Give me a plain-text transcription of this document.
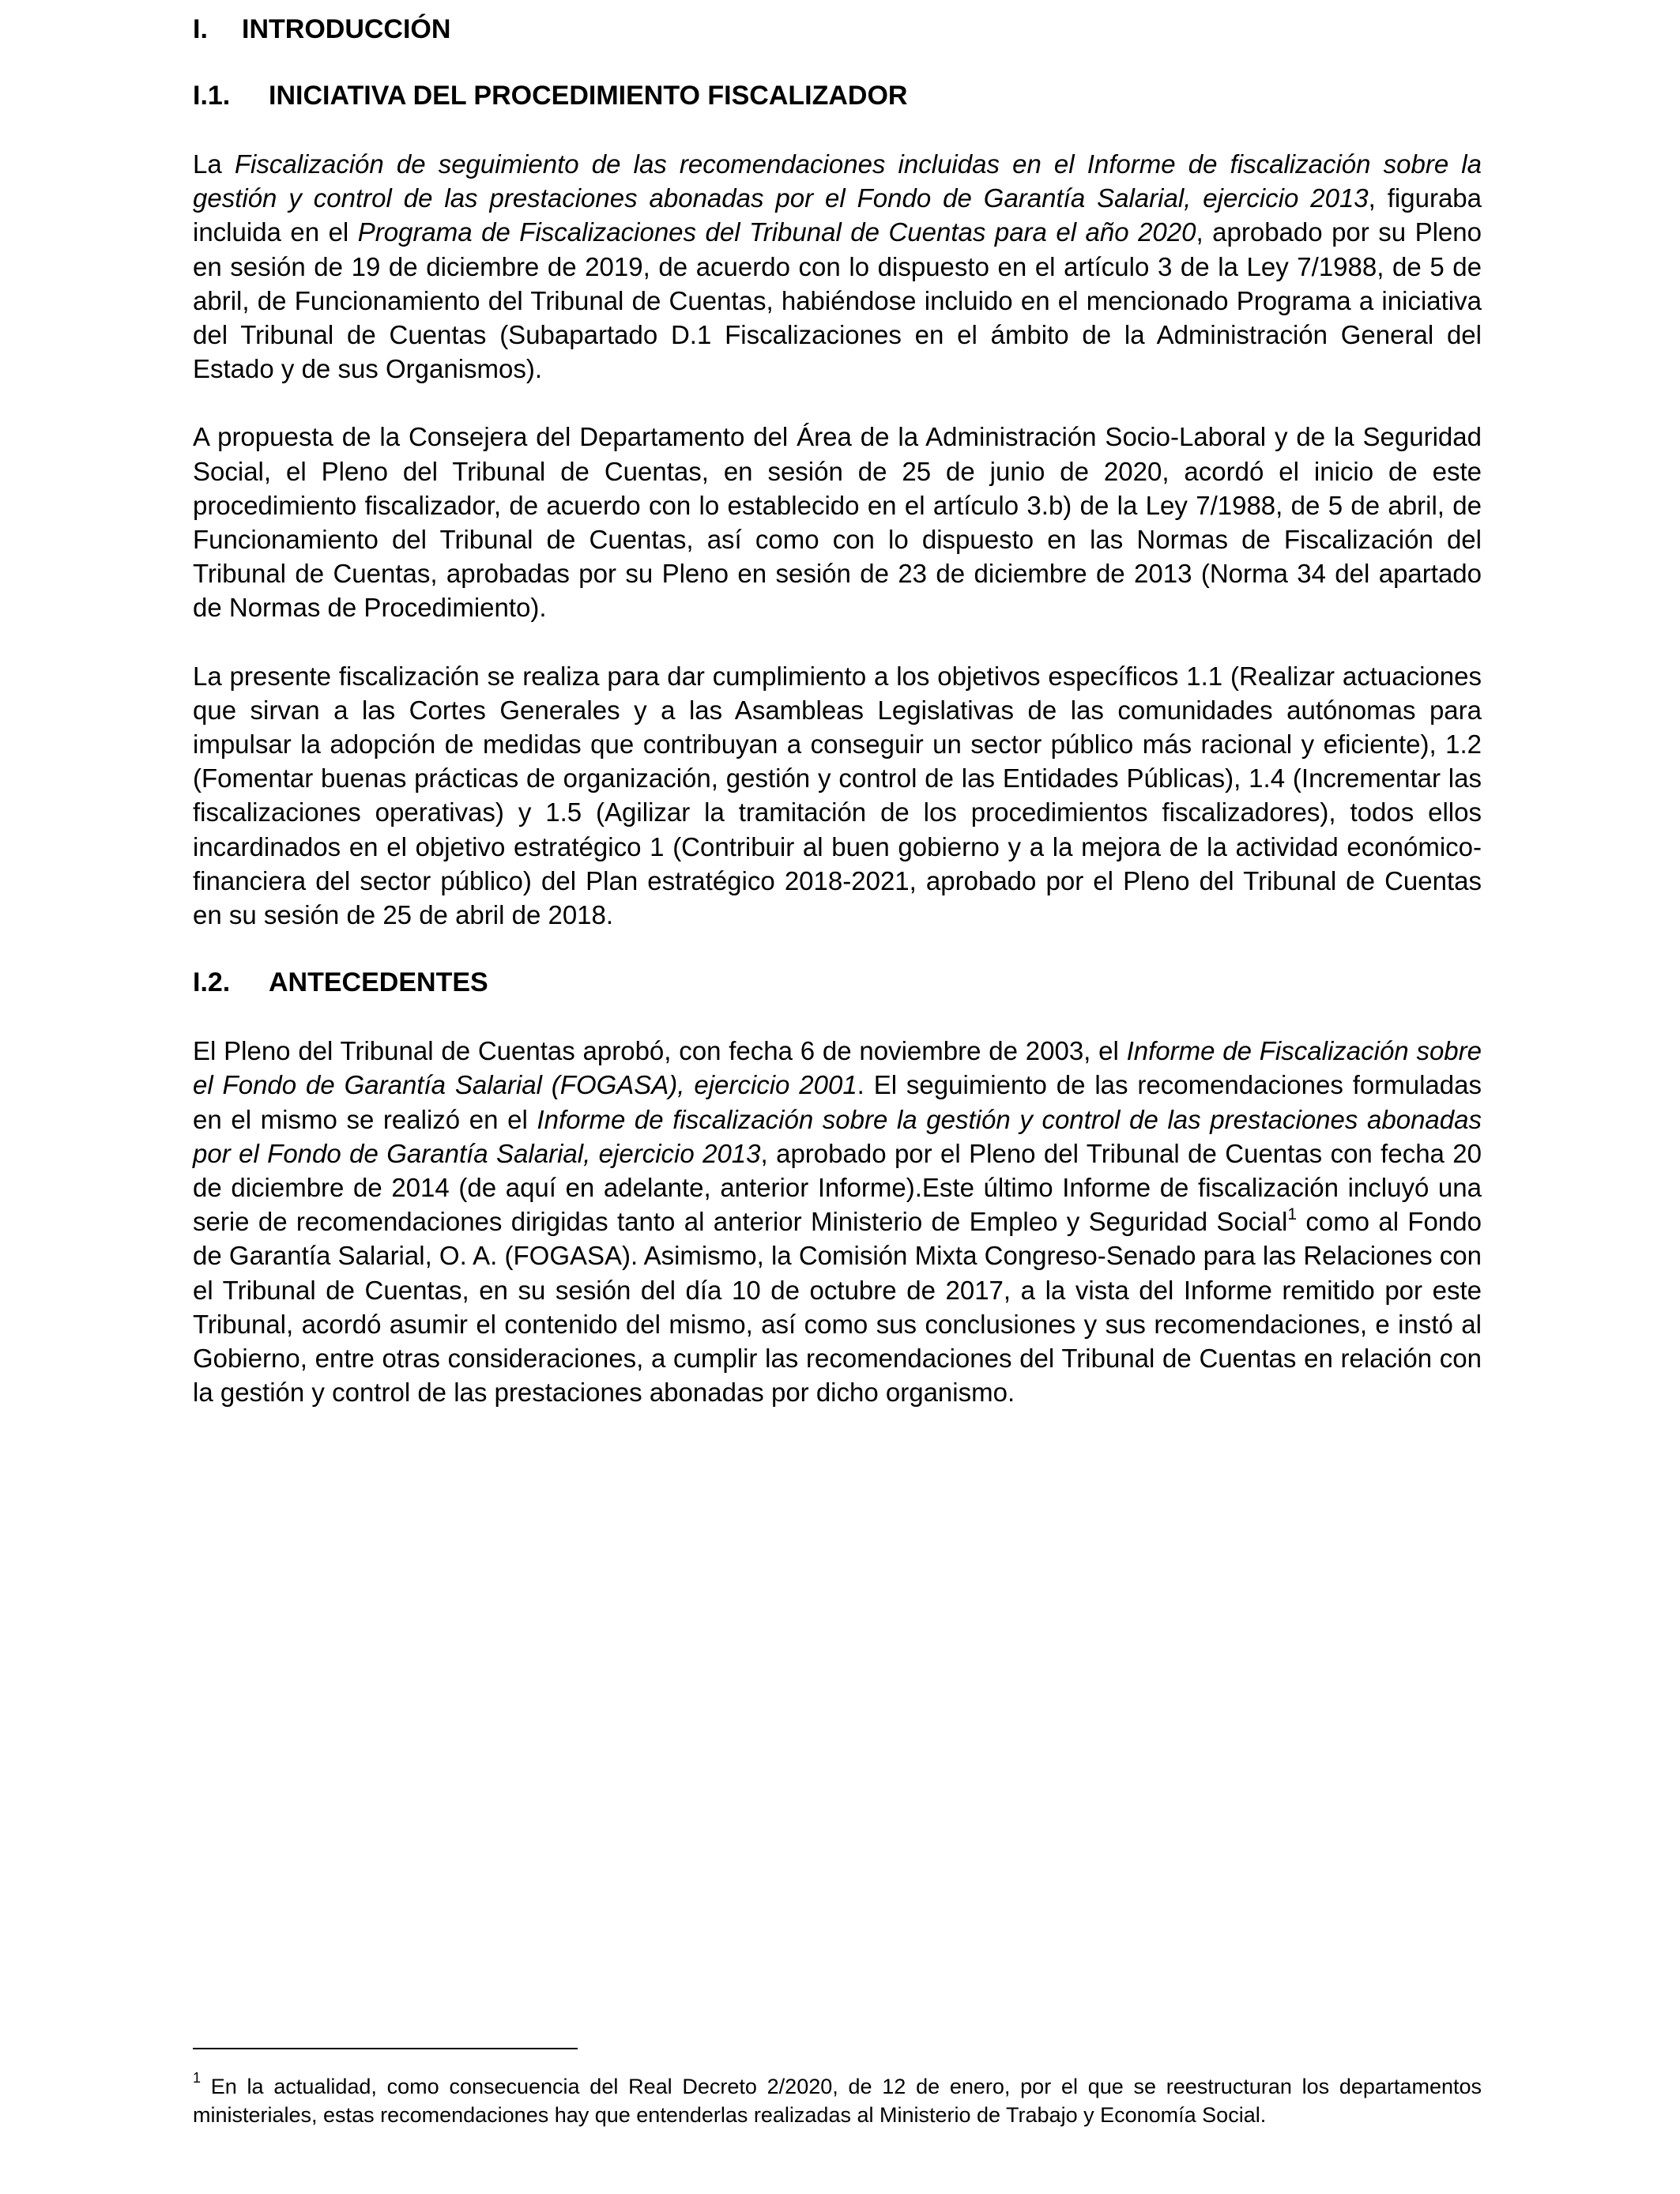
I. INTRODUCCIÓN
I.1. INICIATIVA DEL PROCEDIMIENTO FISCALIZADOR

La Fiscalización de seguimiento de las recomendaciones incluidas en el Informe de fiscalización sobre la gestión y control de las prestaciones abonadas por el Fondo de Garantía Salarial, ejercicio 2013, figuraba incluida en el Programa de Fiscalizaciones del Tribunal de Cuentas para el año 2020, aprobado por su Pleno en sesión de 19 de diciembre de 2019, de acuerdo con lo dispuesto en el artículo 3 de la Ley 7/1988, de 5 de abril, de Funcionamiento del Tribunal de Cuentas, habiéndose incluido en el mencionado Programa a iniciativa del Tribunal de Cuentas (Subapartado D.1 Fiscalizaciones en el ámbito de la Administración General del Estado y de sus Organismos).

A propuesta de la Consejera del Departamento del Área de la Administración Socio-Laboral y de la Seguridad Social, el Pleno del Tribunal de Cuentas, en sesión de 25 de junio de 2020, acordó el inicio de este procedimiento fiscalizador, de acuerdo con lo establecido en el artículo 3.b) de la Ley 7/1988, de 5 de abril, de Funcionamiento del Tribunal de Cuentas, así como con lo dispuesto en las Normas de Fiscalización del Tribunal de Cuentas, aprobadas por su Pleno en sesión de 23 de diciembre de 2013 (Norma 34 del apartado de Normas de Procedimiento).

La presente fiscalización se realiza para dar cumplimiento a los objetivos específicos 1.1 (Realizar actuaciones que sirvan a las Cortes Generales y a las Asambleas Legislativas de las comunidades autónomas para impulsar la adopción de medidas que contribuyan a conseguir un sector público más racional y eficiente), 1.2 (Fomentar buenas prácticas de organización, gestión y control de las Entidades Públicas), 1.4 (Incrementar las fiscalizaciones operativas) y 1.5 (Agilizar la tramitación de los procedimientos fiscalizadores), todos ellos incardinados en el objetivo estratégico 1 (Contribuir al buen gobierno y a la mejora de la actividad económico-financiera del sector público) del Plan estratégico 2018-2021, aprobado por el Pleno del Tribunal de Cuentas en su sesión de 25 de abril de 2018.

I.2. ANTECEDENTES

El Pleno del Tribunal de Cuentas aprobó, con fecha 6 de noviembre de 2003, el Informe de Fiscalización sobre el Fondo de Garantía Salarial (FOGASA), ejercicio 2001. El seguimiento de las recomendaciones formuladas en el mismo se realizó en el Informe de fiscalización sobre la gestión y control de las prestaciones abonadas por el Fondo de Garantía Salarial, ejercicio 2013, aprobado por el Pleno del Tribunal de Cuentas con fecha 20 de diciembre de 2014 (de aquí en adelante, anterior Informe).Este último Informe de fiscalización incluyó una serie de recomendaciones dirigidas tanto al anterior Ministerio de Empleo y Seguridad Social$^1$ como al Fondo de Garantía Salarial, O. A. (FOGASA). Asimismo, la Comisión Mixta Congreso-Senado para las Relaciones con el Tribunal de Cuentas, en su sesión del día 10 de octubre de 2017, a la vista del Informe remitido por este Tribunal, acordó asumir el contenido del mismo, así como sus conclusiones y sus recomendaciones, e instó al Gobierno, entre otras consideraciones, a cumplir las recomendaciones del Tribunal de Cuentas en relación con la gestión y control de las prestaciones abonadas por dicho organismo.

$^1$ En la actualidad, como consecuencia del Real Decreto 2/2020, de 12 de enero, por el que se reestructuran los departamentos ministeriales, estas recomendaciones hay que entenderlas realizadas al Ministerio de Trabajo y Economía Social.
